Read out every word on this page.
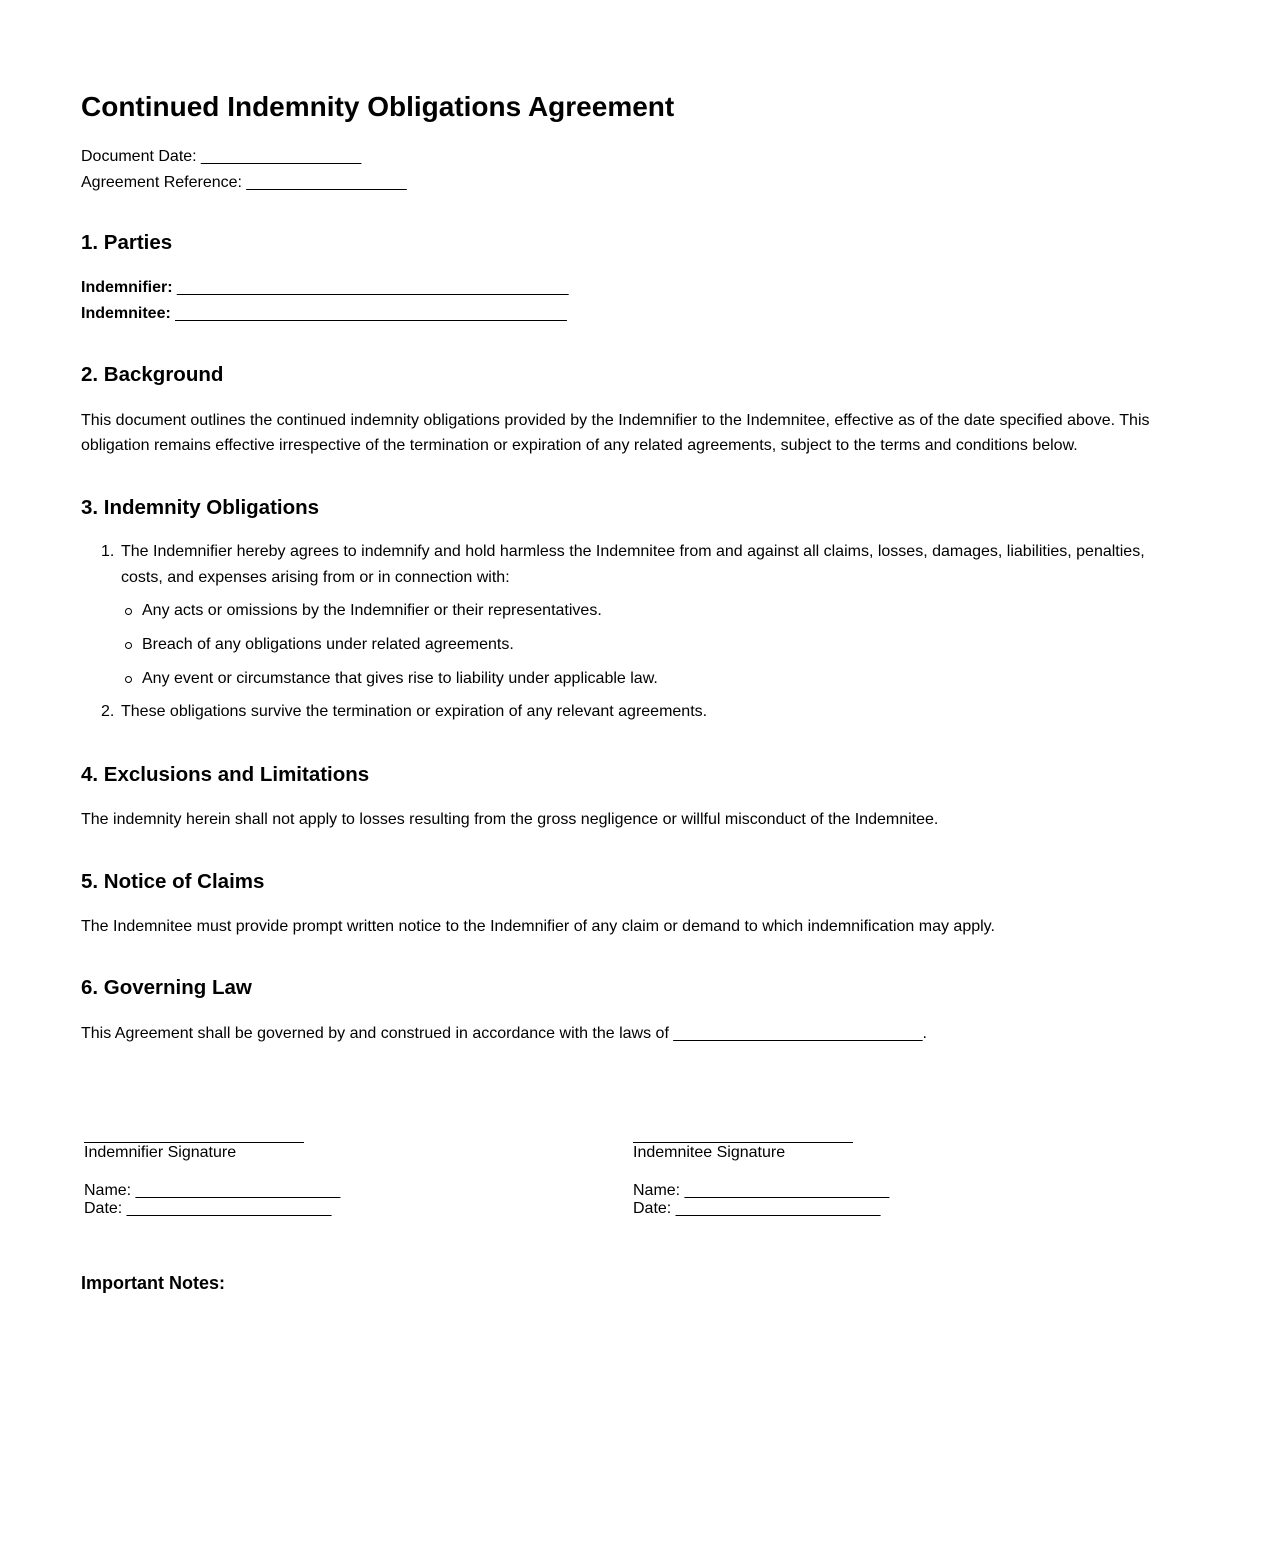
Continued Indemnity Obligations Agreement
Document Date: __________________
Agreement Reference: __________________
1. Parties
Indemnifier: ____________________________________________
Indemnitee: ____________________________________________
2. Background

This document outlines the continued indemnity obligations provided by the Indemnifier to the Indemnitee, effective as of the date specified above. This obligation remains effective irrespective of the termination or expiration of any related agreements, subject to the terms and conditions below.

3. Indemnity Obligations
1. The Indemnifier hereby agrees to indemnify and hold harmless the Indemnitee from and against all claims, losses, damages, liabilities, penalties, costs, and expenses arising from or in connection with:
Any acts or omissions by the Indemnifier or their representatives.
Breach of any obligations under related agreements.
Any event or circumstance that gives rise to liability under applicable law.
2. These obligations survive the termination or expiration of any relevant agreements.
4. Exclusions and Limitations

The indemnity herein shall not apply to losses resulting from the gross negligence or willful misconduct of the Indemnitee.

5. Notice of Claims

The Indemnitee must provide prompt written notice to the Indemnifier of any claim or demand to which indemnification may apply.

6. Governing Law

This Agreement shall be governed by and construed in accordance with the laws of ____________________________.

Indemnifier Signature
Name: _______________________
Date: _______________________
Indemnitee Signature
Name: _______________________
Date: _______________________
Important Notes:
